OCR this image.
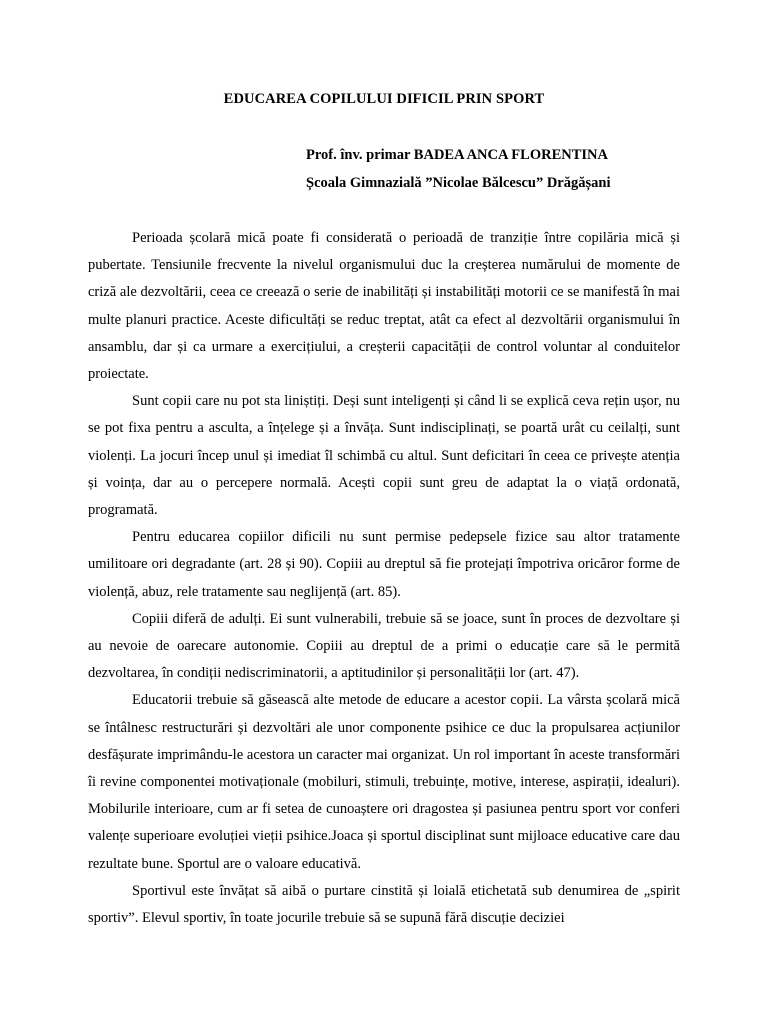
EDUCAREA COPILULUI DIFICIL PRIN SPORT
Prof. înv. primar BADEA ANCA FLORENTINA
Școala Gimnazială ”Nicolae Bălcescu” Drăgășani

Perioada școlară mică poate fi considerată o perioadă de tranziție între copilăria mică și pubertate. Tensiunile frecvente la nivelul organismului duc la creșterea numărului de momente de criză ale dezvoltării, ceea ce creează o serie de inabilități și instabilități motorii ce se manifestă în mai multe planuri practice. Aceste dificultăți se reduc treptat, atât ca efect al dezvoltării organismului în ansamblu, dar și ca urmare a exercițiului, a creșterii capacității de control voluntar al conduitelor proiectate.

Sunt copii care nu pot sta liniștiți. Deși sunt inteligenți și când li se explică ceva rețin ușor, nu se pot fixa pentru a asculta, a înțelege și a învăța. Sunt indisciplinați, se poartă urât cu ceilalți, sunt violenți. La jocuri încep unul și imediat îl schimbă cu altul. Sunt deficitari în ceea ce privește atenția și voința, dar au o percepere normală. Acești copii sunt greu de adaptat la o viață ordonată, programată.

Pentru educarea copiilor dificili nu sunt permise pedepsele fizice sau altor tratamente umilitoare ori degradante (art. 28 și 90). Copiii au dreptul să fie protejați împotriva oricăror forme de violență, abuz, rele tratamente sau neglijență (art. 85).

Copiii diferă de adulți. Ei sunt vulnerabili, trebuie să se joace, sunt în proces de dezvoltare și au nevoie de oarecare autonomie. Copiii au dreptul de a primi o educație care să le permită dezvoltarea, în condiții nediscriminatorii, a aptitudinilor și personalității lor (art. 47).

Educatorii trebuie să găsească alte metode de educare a acestor copii. La vârsta școlară mică se întâlnesc restructurări și dezvoltări ale unor componente psihice ce duc la propulsarea acțiunilor desfășurate imprimându-le acestora un caracter mai organizat. Un rol important în aceste transformări îi revine componentei motivaționale (mobiluri, stimuli, trebuințe, motive, interese, aspirații, idealuri). Mobilurile interioare, cum ar fi setea de cunoaștere ori dragostea și pasiunea pentru sport vor conferi valențe superioare evoluției vieții psihice.Joaca și sportul disciplinat sunt mijloace educative care dau rezultate bune. Sportul are o valoare educativă.

Sportivul este învățat să aibă o purtare cinstită și loială etichetată sub denumirea de „spirit sportiv”. Elevul sportiv, în toate jocurile trebuie să se supună fără discuție deciziei
